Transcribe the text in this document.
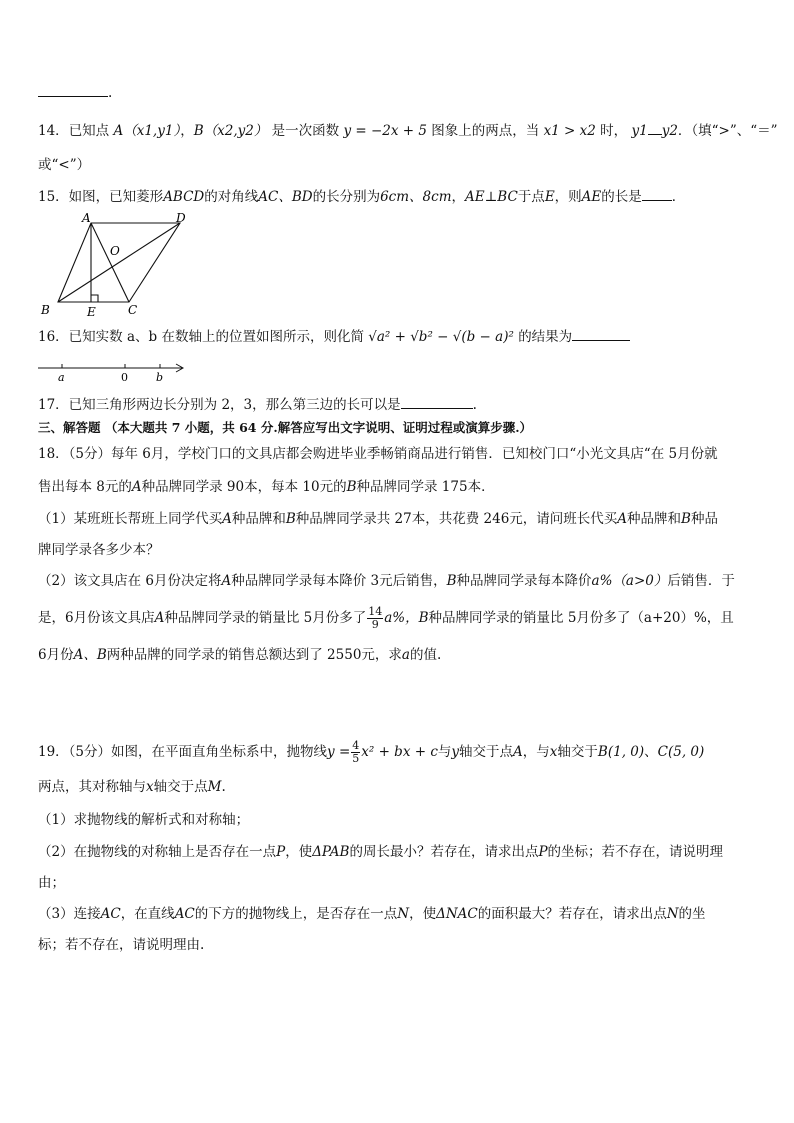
.
14．已知点 A（x1,y1），B（x2,y2） 是一次函数 y = −2x + 5 图象上的两点，当 x1 > x2 时， y1 y2．（填“>”、“＝”
或“<”）
15．如图，已知菱形ABCD的对角线AC、BD的长分别为6cm、8cm，AE⊥BC于点E，则AE的长是 ．
A	D
O
B	E	C
16．已知实数 a、b 在数轴上的位置如图所示，则化简 √a² + √b² − √(b − a)² 的结果为
a	0	b
17．已知三角形两边长分别为 2，3，那么第三边的长可以是	.
三、解答题 （本大题共 7 小题，共 64 分.解答应写出文字说明、证明过程或演算步骤.）
18．（5分）每年 6月，学校门口的文具店都会购进毕业季畅销商品进行销售．已知校门口“小光文具店“在 5月份就
售出每本 8元的A种品牌同学录 90本，每本 10元的B种品牌同学录 175本．
（1）某班班长帮班上同学代买A种品牌和B种品牌同学录共 27本，共花费 246元，请问班长代买A种品牌和B种品
牌同学录各多少本？
（2）该文具店在 6月份决定将A种品牌同学录每本降价 3元后销售，B种品牌同学录每本降价a%（a>0）后销售．于
是，6月份该文具店A种品牌同学录的销量比 5月份多了 $\frac{14}{9} a\%$，B种品牌同学录的销量比 5月份多了（a+20）%，且
6月份A、B两种品牌的同学录的销售总额达到了 2550元，求a的值.
19．（5分）如图，在平面直角坐标系中，抛物线$y = \frac{4}{5} x^2$ + bx + c与y轴交于点A，与x轴交于B(1, 0)、C(5, 0)
两点，其对称轴与x轴交于点M.
（1）求抛物线的解析式和对称轴；
（2）在抛物线的对称轴上是否存在一点P，使ΔPAB的周长最小？若存在，请求出点P的坐标；若不存在，请说明理
由；
（3）连接AC，在直线AC的下方的抛物线上，是否存在一点N，使ΔNAC的面积最大？若存在，请求出点N的坐
标；若不存在，请说明理由.
